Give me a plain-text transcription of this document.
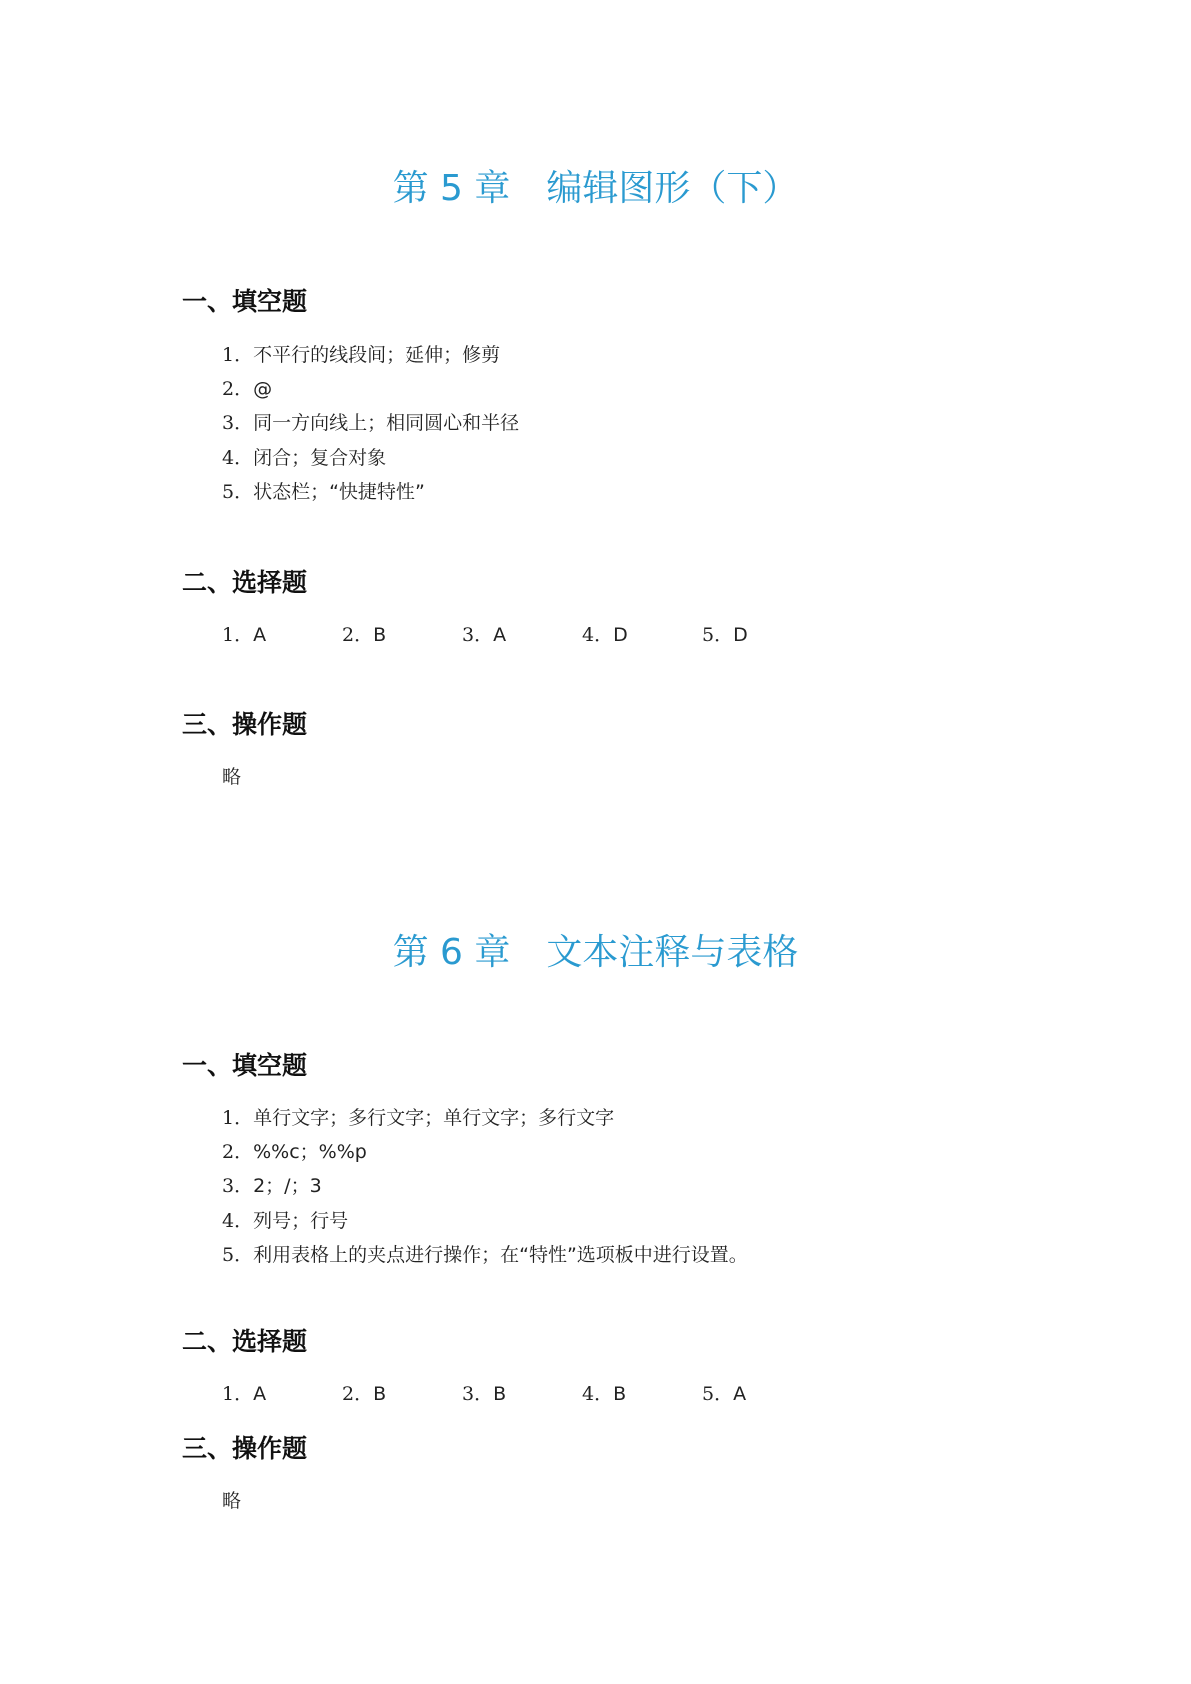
第 5 章　编辑图形（下）
一、填空题
1．不平行的线段间；延伸；修剪
2．@
3．同一方向线上；相同圆心和半径
4．闭合；复合对象
5．状态栏；“快捷特性”
二、选择题
1．A	2．B	3．A	4．D	5．D
三、操作题
略
第 6 章　文本注释与表格
一、填空题
1．单行文字；多行文字；单行文字；多行文字
2．%%c；%%p
3．2；/；3
4．列号；行号
5．利用表格上的夹点进行操作；在“特性”选项板中进行设置。
二、选择题
1．A	2．B	3．B	4．B	5．A
三、操作题
略
